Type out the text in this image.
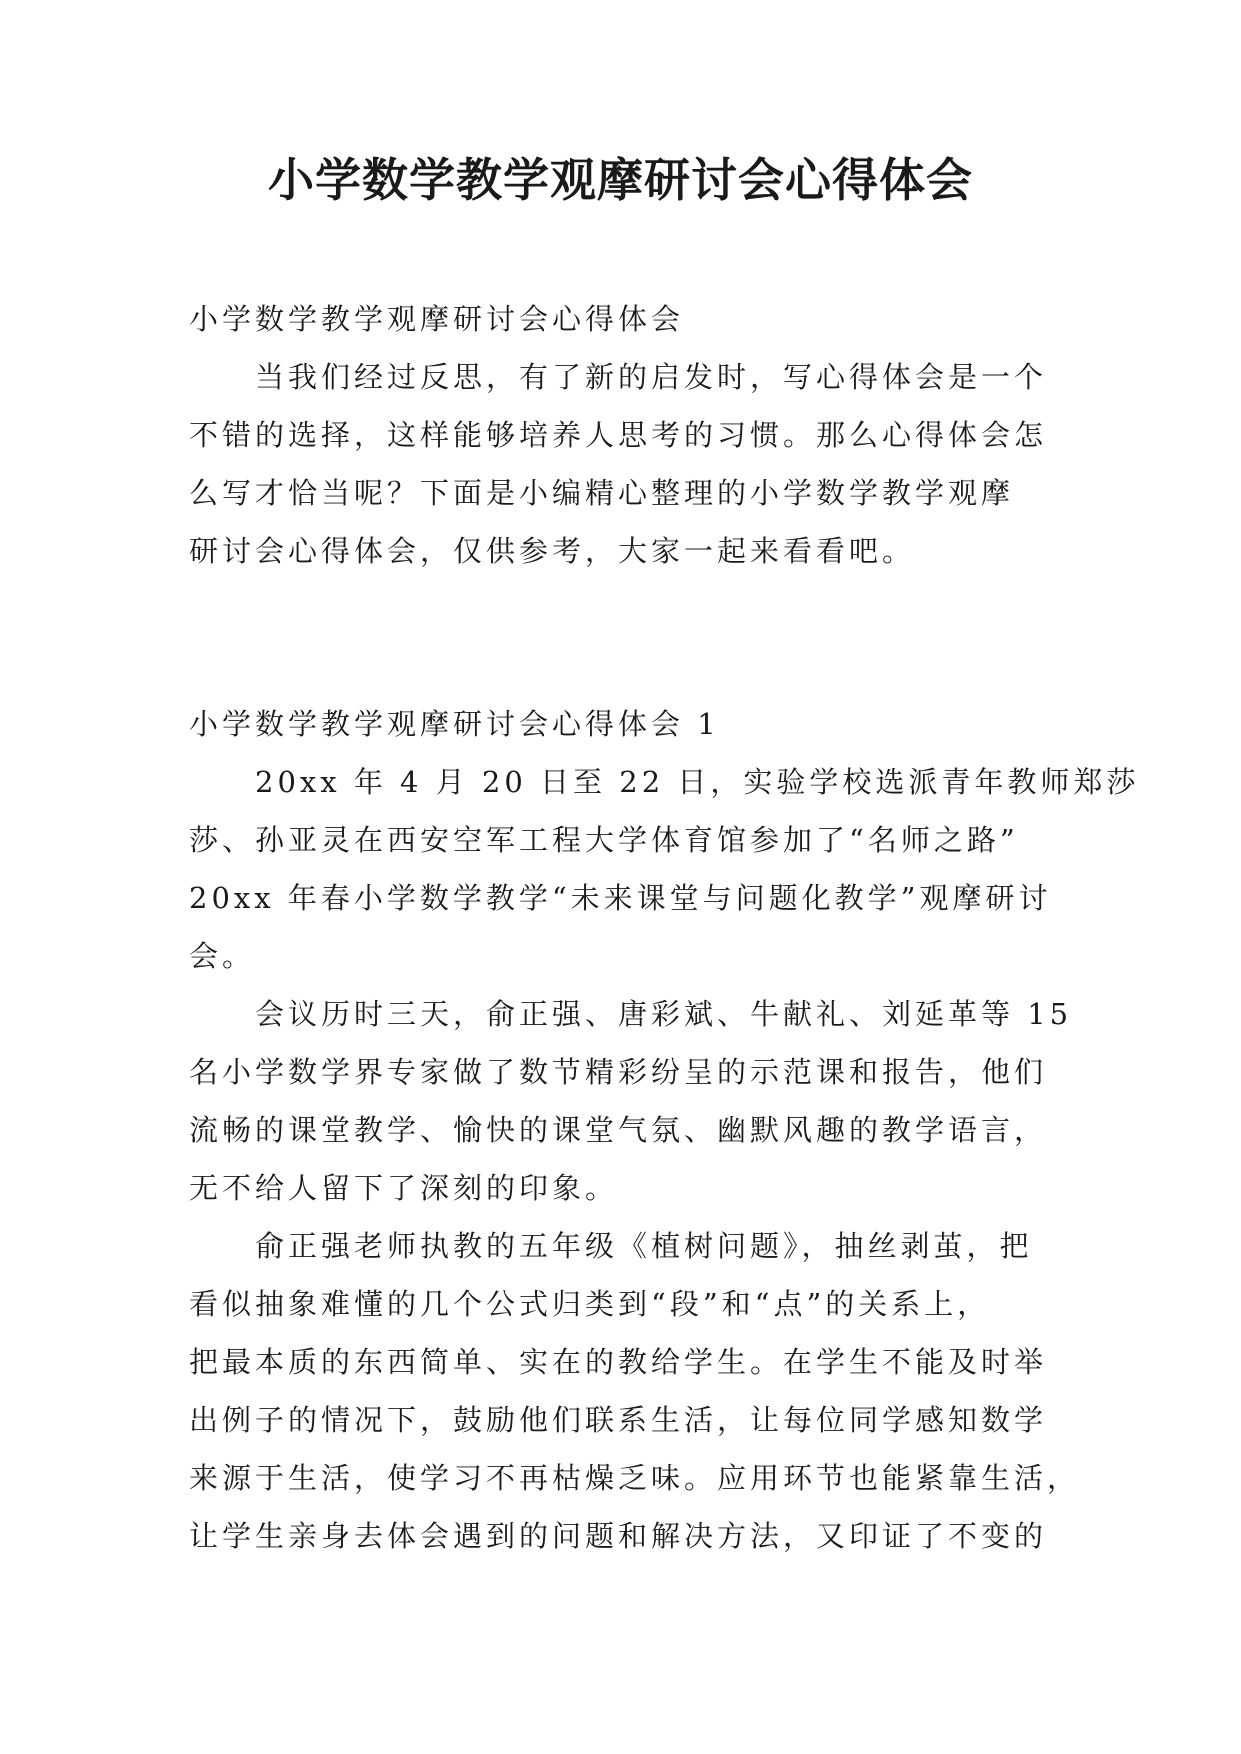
小学数学教学观摩研讨会心得体会
小学数学教学观摩研讨会心得体会
当我们经过反思，有了新的启发时，写心得体会是一个
不错的选择，这样能够培养人思考的习惯。那么心得体会怎
么写才恰当呢？下面是小编精心整理的小学数学教学观摩
研讨会心得体会，仅供参考，大家一起来看看吧。
小学数学教学观摩研讨会心得体会 1
20xx 年 4 月 20 日至 22 日，实验学校选派青年教师郑莎
莎、孙亚灵在西安空军工程大学体育馆参加了“名师之路”
20xx 年春小学数学教学“未来课堂与问题化教学”观摩研讨
会。
会议历时三天，俞正强、唐彩斌、牛献礼、刘延革等 15
名小学数学界专家做了数节精彩纷呈的示范课和报告，他们
流畅的课堂教学、愉快的课堂气氛、幽默风趣的教学语言，
无不给人留下了深刻的印象。
俞正强老师执教的五年级《植树问题》，抽丝剥茧，把
看似抽象难懂的几个公式归类到“段”和“点”的关系上，
把最本质的东西简单、实在的教给学生。在学生不能及时举
出例子的情况下，鼓励他们联系生活，让每位同学感知数学
来源于生活，使学习不再枯燥乏味。应用环节也能紧靠生活，
让学生亲身去体会遇到的问题和解决方法，又印证了不变的
